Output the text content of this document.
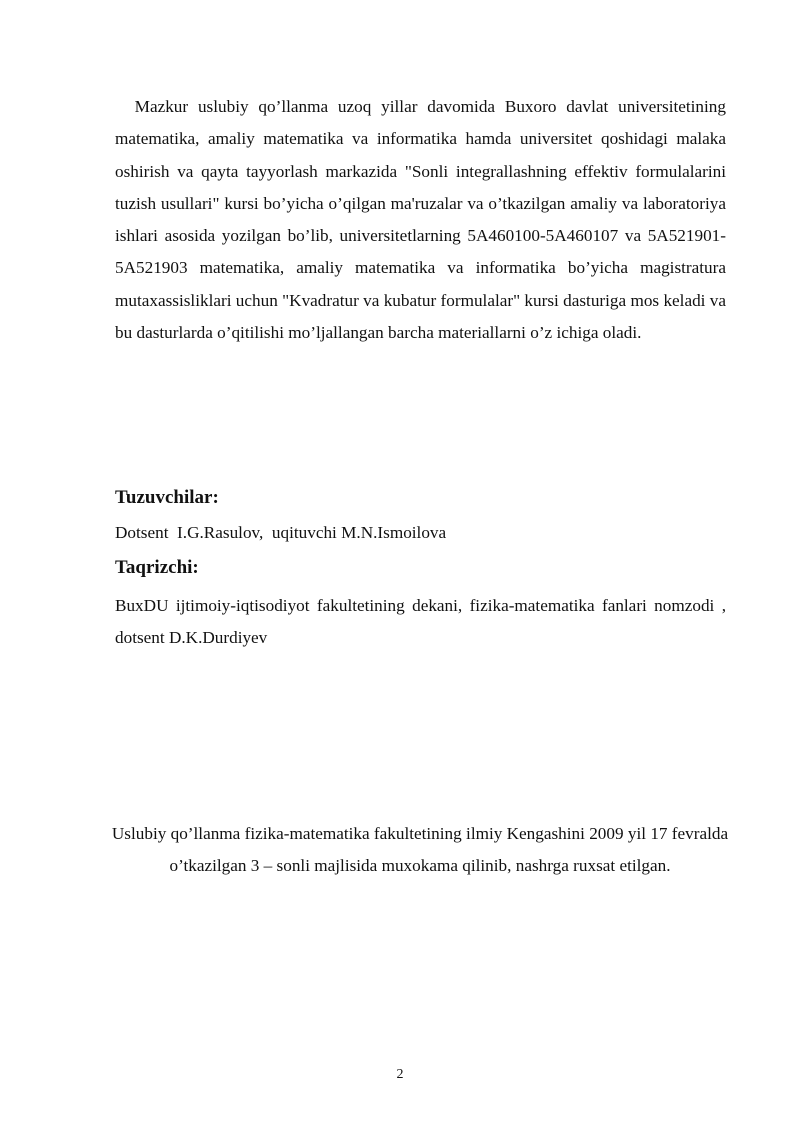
Mazkur uslubiy qo’llanma uzoq yillar davomida Buxoro davlat universitetining matematika, amaliy matematika va informatika hamda universitet qoshidagi malaka oshirish va qayta tayyorlash markazida "Sonli integrallashning effektiv formulalarini tuzish usullari" kursi bo’yicha o’qilgan ma'ruzalar va o’tkazilgan amaliy va laboratoriya ishlari asosida yozilgan bo’lib, universitetlarning 5A460100-5A460107 va 5A521901-5A521903 matematika, amaliy matematika va informatika bo’yicha magistratura mutaxassisliklari uchun "Kvadratur va kubatur formulalar" kursi dasturiga mos keladi va bu dasturlarda o’qitilishi mo’ljallangan barcha materiallarni o’z ichiga oladi.

Tuzuvchilar:

Dotsent  I.G.Rasulov,  uqituvchi M.N.Ismoilova

Taqrizchi:

BuxDU ijtimoiy-iqtisodiyot fakultetining dekani, fizika-matematika fanlari nomzodi , dotsent D.K.Durdiyev

Uslubiy qo’llanma fizika-matematika fakultetining ilmiy Kengashini 2009 yil 17 fevralda o’tkazilgan 3 – sonli majlisida muxokama qilinib, nashrga ruxsat etilgan.

2
